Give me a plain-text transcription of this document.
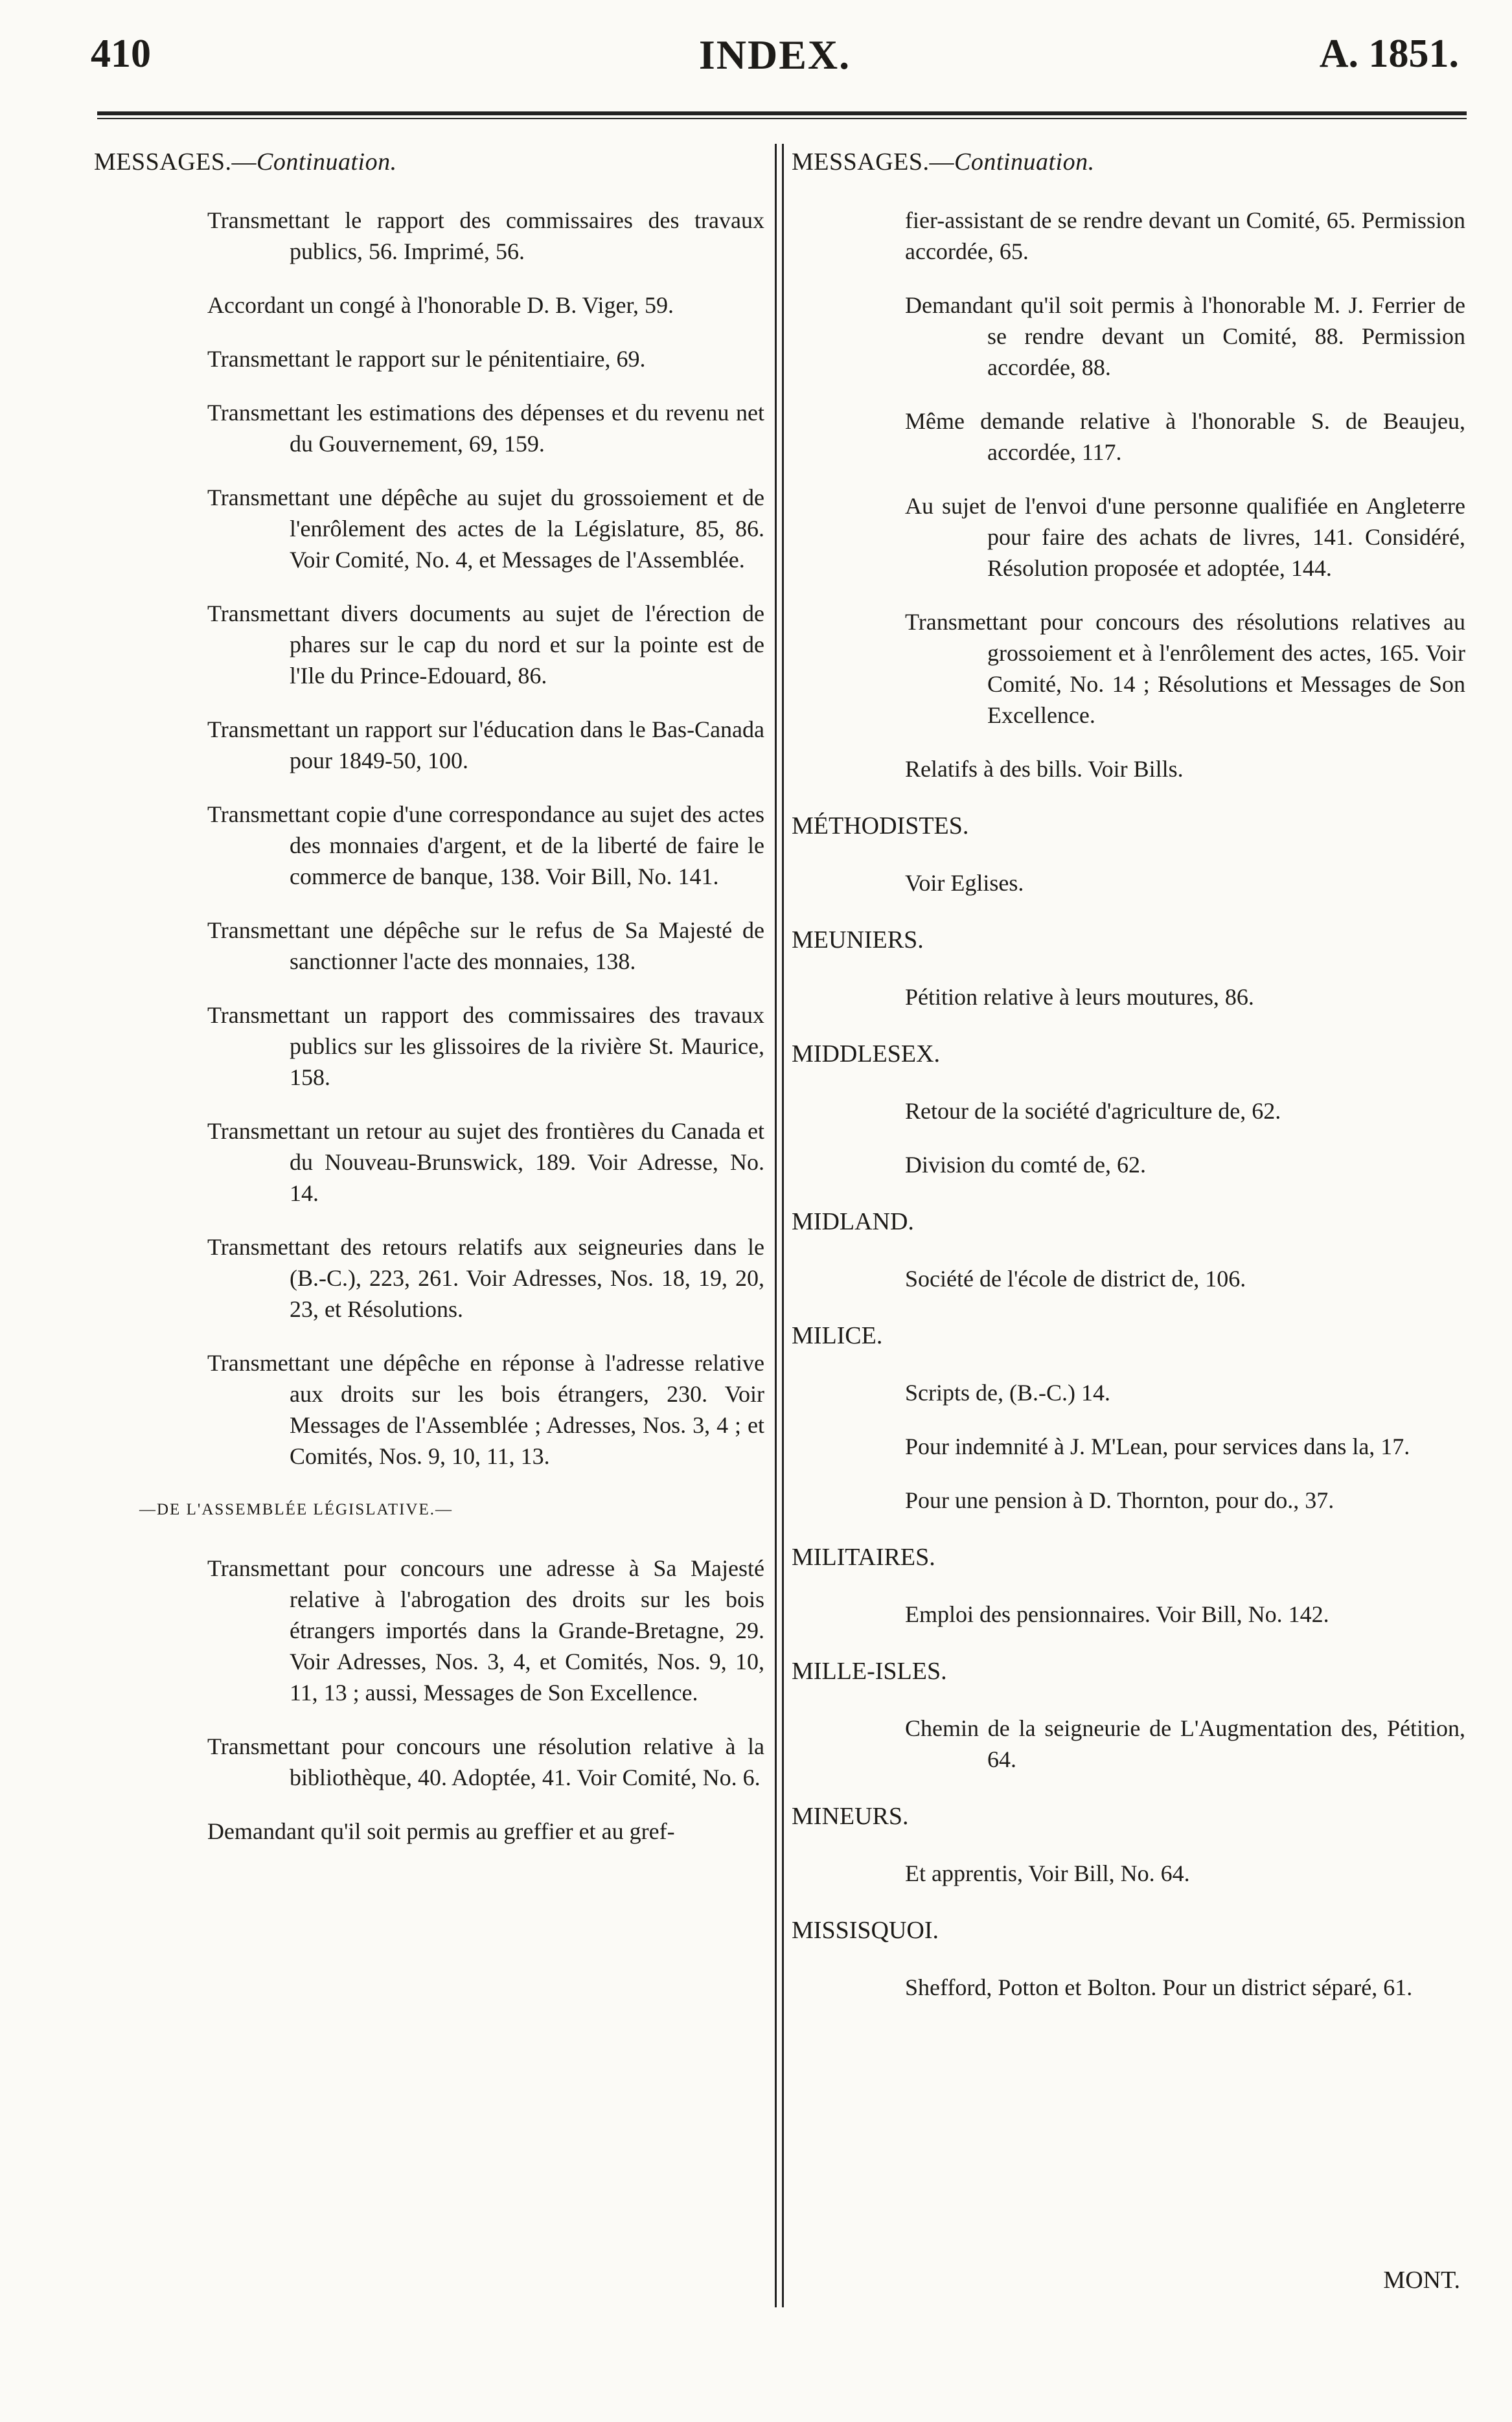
410	INDEX.	A. 1851.
MESSAGES.—Continuation.
Transmettant le rapport des commissaires des travaux publics, 56. Imprimé, 56.
Accordant un congé à l'honorable D. B. Viger, 59.
Transmettant le rapport sur le pénitentiaire, 69.
Transmettant les estimations des dépenses et du revenu net du Gouvernement, 69, 159.
Transmettant une dépêche au sujet du grossoiement et de l'enrôlement des actes de la Législature, 85, 86. Voir Comité, No. 4, et Messages de l'Assemblée.
Transmettant divers documents au sujet de l'érection de phares sur le cap du nord et sur la pointe est de l'Ile du Prince-Edouard, 86.
Transmettant un rapport sur l'éducation dans le Bas-Canada pour 1849-50, 100.
Transmettant copie d'une correspondance au sujet des actes des monnaies d'argent, et de la liberté de faire le commerce de banque, 138. Voir Bill, No. 141.
Transmettant une dépêche sur le refus de Sa Majesté de sanctionner l'acte des monnaies, 138.
Transmettant un rapport des commissaires des travaux publics sur les glissoires de la rivière St. Maurice, 158.
Transmettant un retour au sujet des frontières du Canada et du Nouveau-Brunswick, 189. Voir Adresse, No. 14.
Transmettant des retours relatifs aux seigneuries dans le (B.-C.), 223, 261. Voir Adresses, Nos. 18, 19, 20, 23, et Résolutions.
Transmettant une dépêche en réponse à l'adresse relative aux droits sur les bois étrangers, 230. Voir Messages de l'Assemblée ; Adresses, Nos. 3, 4 ; et Comités, Nos. 9, 10, 11, 13.
—DE L'ASSEMBLÉE LÉGISLATIVE.—
Transmettant pour concours une adresse à Sa Majesté relative à l'abrogation des droits sur les bois étrangers importés dans la Grande-Bretagne, 29. Voir Adresses, Nos. 3, 4, et Comités, Nos. 9, 10, 11, 13 ; aussi, Messages de Son Excellence.
Transmettant pour concours une résolution relative à la bibliothèque, 40. Adoptée, 41. Voir Comité, No. 6.
Demandant qu'il soit permis au greffier et au gref-
MESSAGES.—Continuation.
fier-assistant de se rendre devant un Comité, 65. Permission accordée, 65.
Demandant qu'il soit permis à l'honorable M. J. Ferrier de se rendre devant un Comité, 88. Permission accordée, 88.
Même demande relative à l'honorable S. de Beaujeu, accordée, 117.
Au sujet de l'envoi d'une personne qualifiée en Angleterre pour faire des achats de livres, 141. Considéré, Résolution proposée et adoptée, 144.
Transmettant pour concours des résolutions relatives au grossoiement et à l'enrôlement des actes, 165. Voir Comité, No. 14 ; Résolutions et Messages de Son Excellence.
Relatifs à des bills. Voir Bills.
MÉTHODISTES.
Voir Eglises.
MEUNIERS.
Pétition relative à leurs moutures, 86.
MIDDLESEX.
Retour de la société d'agriculture de, 62.
Division du comté de, 62.
MIDLAND.
Société de l'école de district de, 106.
MILICE.
Scripts de, (B.-C.) 14.
Pour indemnité à J. M'Lean, pour services dans la, 17.
Pour une pension à D. Thornton, pour do., 37.
MILITAIRES.
Emploi des pensionnaires. Voir Bill, No. 142.
MILLE-ISLES.
Chemin de la seigneurie de L'Augmentation des, Pétition, 64.
MINEURS.
Et apprentis, Voir Bill, No. 64.
MISSISQUOI.
Shefford, Potton et Bolton. Pour un district séparé, 61.
MONT.
